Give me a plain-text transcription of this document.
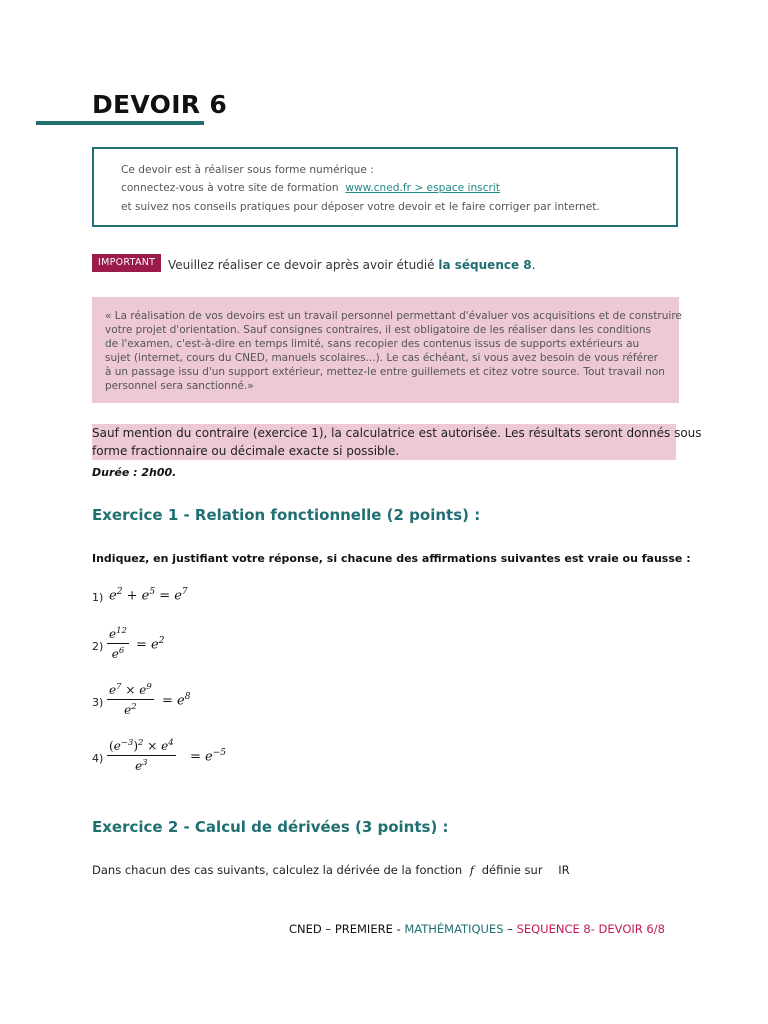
DEVOIR 6
Ce devoir est à réaliser sous forme numérique :
connectez-vous à votre site de formation www.cned.fr > espace inscrit
et suivez nos conseils pratiques pour déposer votre devoir et le faire corriger par internet.
IMPORTANT	Veuillez réaliser ce devoir après avoir étudié la séquence 8.
« La réalisation de vos devoirs est un travail personnel permettant d'évaluer vos acquisitions et de construire
votre projet d'orientation. Sauf consignes contraires, il est obligatoire de les réaliser dans les conditions
de l'examen, c'est-à-dire en temps limité, sans recopier des contenus issus de supports extérieurs au
sujet (internet, cours du CNED, manuels scolaires...). Le cas échéant, si vous avez besoin de vous référer
à un passage issu d'un support extérieur, mettez-le entre guillemets et citez votre source. Tout travail non
personnel sera sanctionné.»
Sauf mention du contraire (exercice 1), la calculatrice est autorisée. Les résultats seront donnés sous
forme fractionnaire ou décimale exacte si possible.
Durée : 2h00.
Exercice 1 - Relation fonctionnelle (2 points) :
Indiquez, en justifiant votre réponse, si chacune des affirmations suivantes est vraie ou fausse :
1) $e^2 + e^5 = e^7$
$2) \frac{e^{12}}{e^6} = e^2$
$3) \frac{e^7 \times e^9}{e^2} = e^8$
$4) \frac{(e^{-3})^2 \times e^4}{e^3} = e^{-5}$
Exercice 2 - Calcul de dérivées (3 points) :
Dans chacun des cas suivants, calculez la dérivée de la fonction f définie sur IR
CNED – PREMIERE - MATHÉMATIQUES – SEQUENCE 8- DEVOIR 6/8
